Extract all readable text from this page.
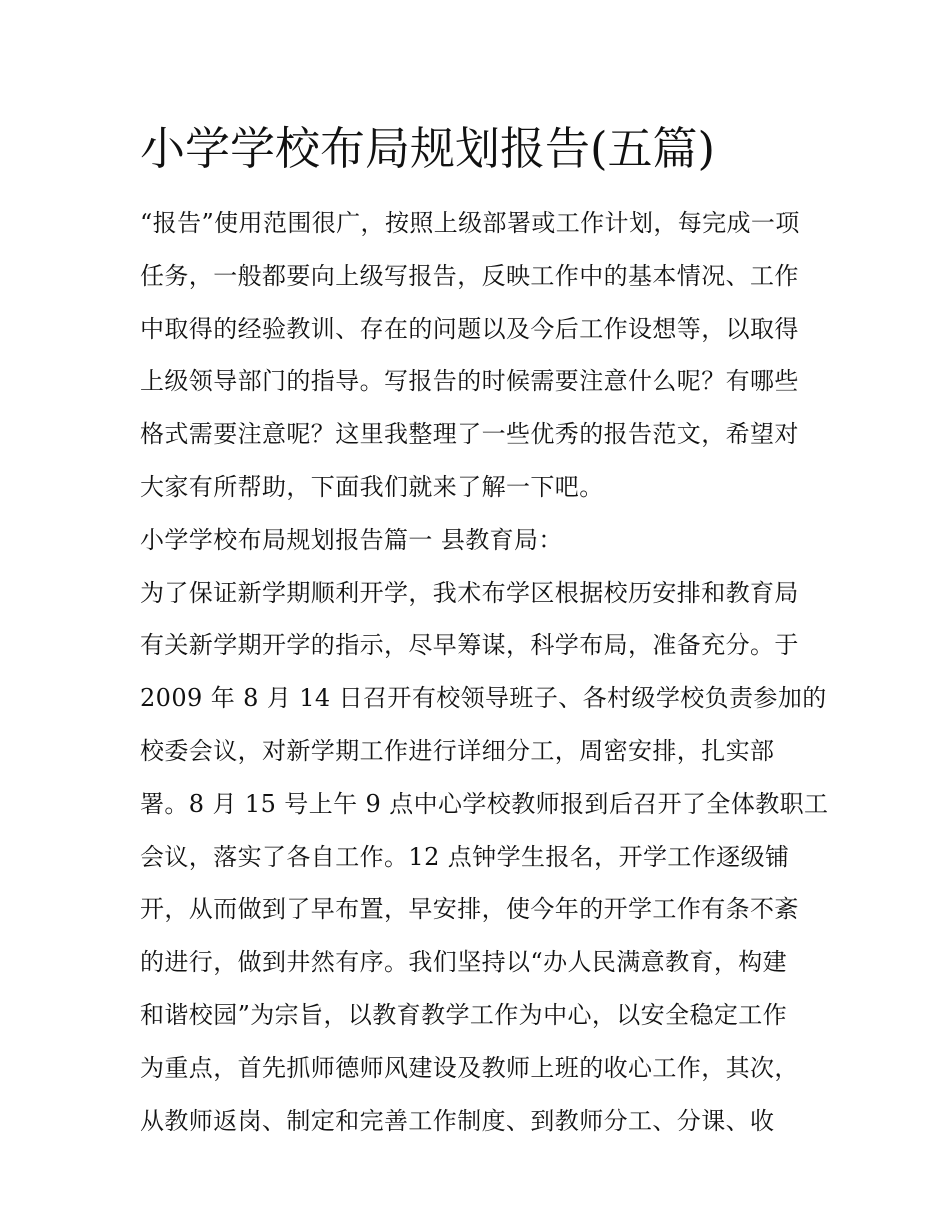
小学学校布局规划报告(五篇)
“报告”使用范围很广，按照上级部署或工作计划，每完成一项
任务，一般都要向上级写报告，反映工作中的基本情况、工作
中取得的经验教训、存在的问题以及今后工作设想等，以取得
上级领导部门的指导。写报告的时候需要注意什么呢？有哪些
格式需要注意呢？这里我整理了一些优秀的报告范文，希望对
大家有所帮助，下面我们就来了解一下吧。
小学学校布局规划报告篇一 县教育局：
为了保证新学期顺利开学，我术布学区根据校历安排和教育局
有关新学期开学的指示，尽早筹谋，科学布局，准备充分。于
2009 年 8 月 14 日召开有校领导班子、各村级学校负责参加的
校委会议，对新学期工作进行详细分工，周密安排，扎实部
署。8 月 15 号上午 9 点中心学校教师报到后召开了全体教职工
会议，落实了各自工作。12 点钟学生报名，开学工作逐级铺
开，从而做到了早布置，早安排，使今年的开学工作有条不紊
的进行，做到井然有序。我们坚持以“办人民满意教育，构建
和谐校园”为宗旨，以教育教学工作为中心，以安全稳定工作
为重点，首先抓师德师风建设及教师上班的收心工作，其次，
从教师返岗、制定和完善工作制度、到教师分工、分课、收
